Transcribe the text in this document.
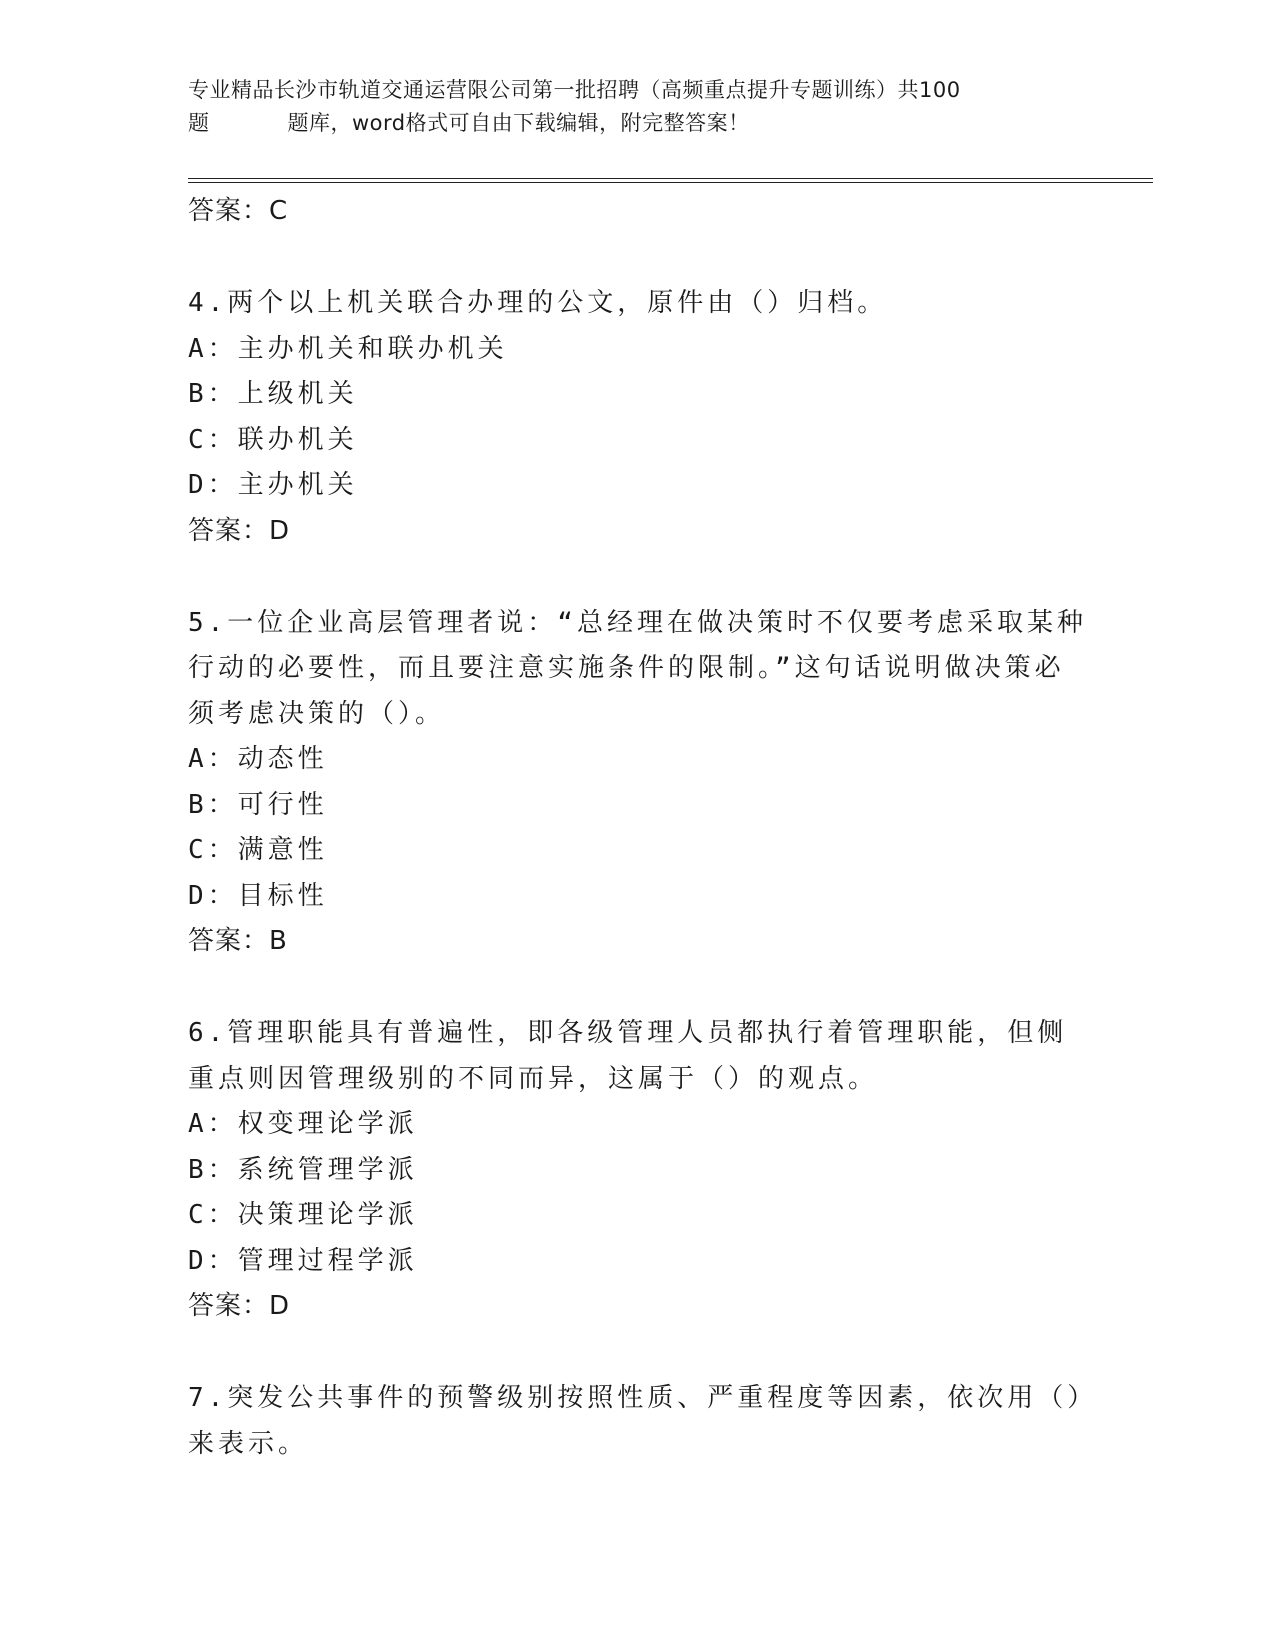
专业精品长沙市轨道交通运营限公司第一批招聘（高频重点提升专题训练）共100
题	题库，word格式可自由下载编辑，附完整答案！
答案：C
4.两个以上机关联合办理的公文，原件由（）归档。
A：主办机关和联办机关
B：上级机关
C：联办机关
D：主办机关
答案：D
5.一位企业高层管理者说：“总经理在做决策时不仅要考虑采取某种行动的必要性，而且要注意实施条件的限制。”这句话说明做决策必须考虑决策的（）。
A：动态性
B：可行性
C：满意性
D：目标性
答案：B
6.管理职能具有普遍性，即各级管理人员都执行着管理职能，但侧重点则因管理级别的不同而异，这属于（）的观点。
A：权变理论学派
B：系统管理学派
C：决策理论学派
D：管理过程学派
答案：D
7.突发公共事件的预警级别按照性质、严重程度等因素，依次用（）来表示。
